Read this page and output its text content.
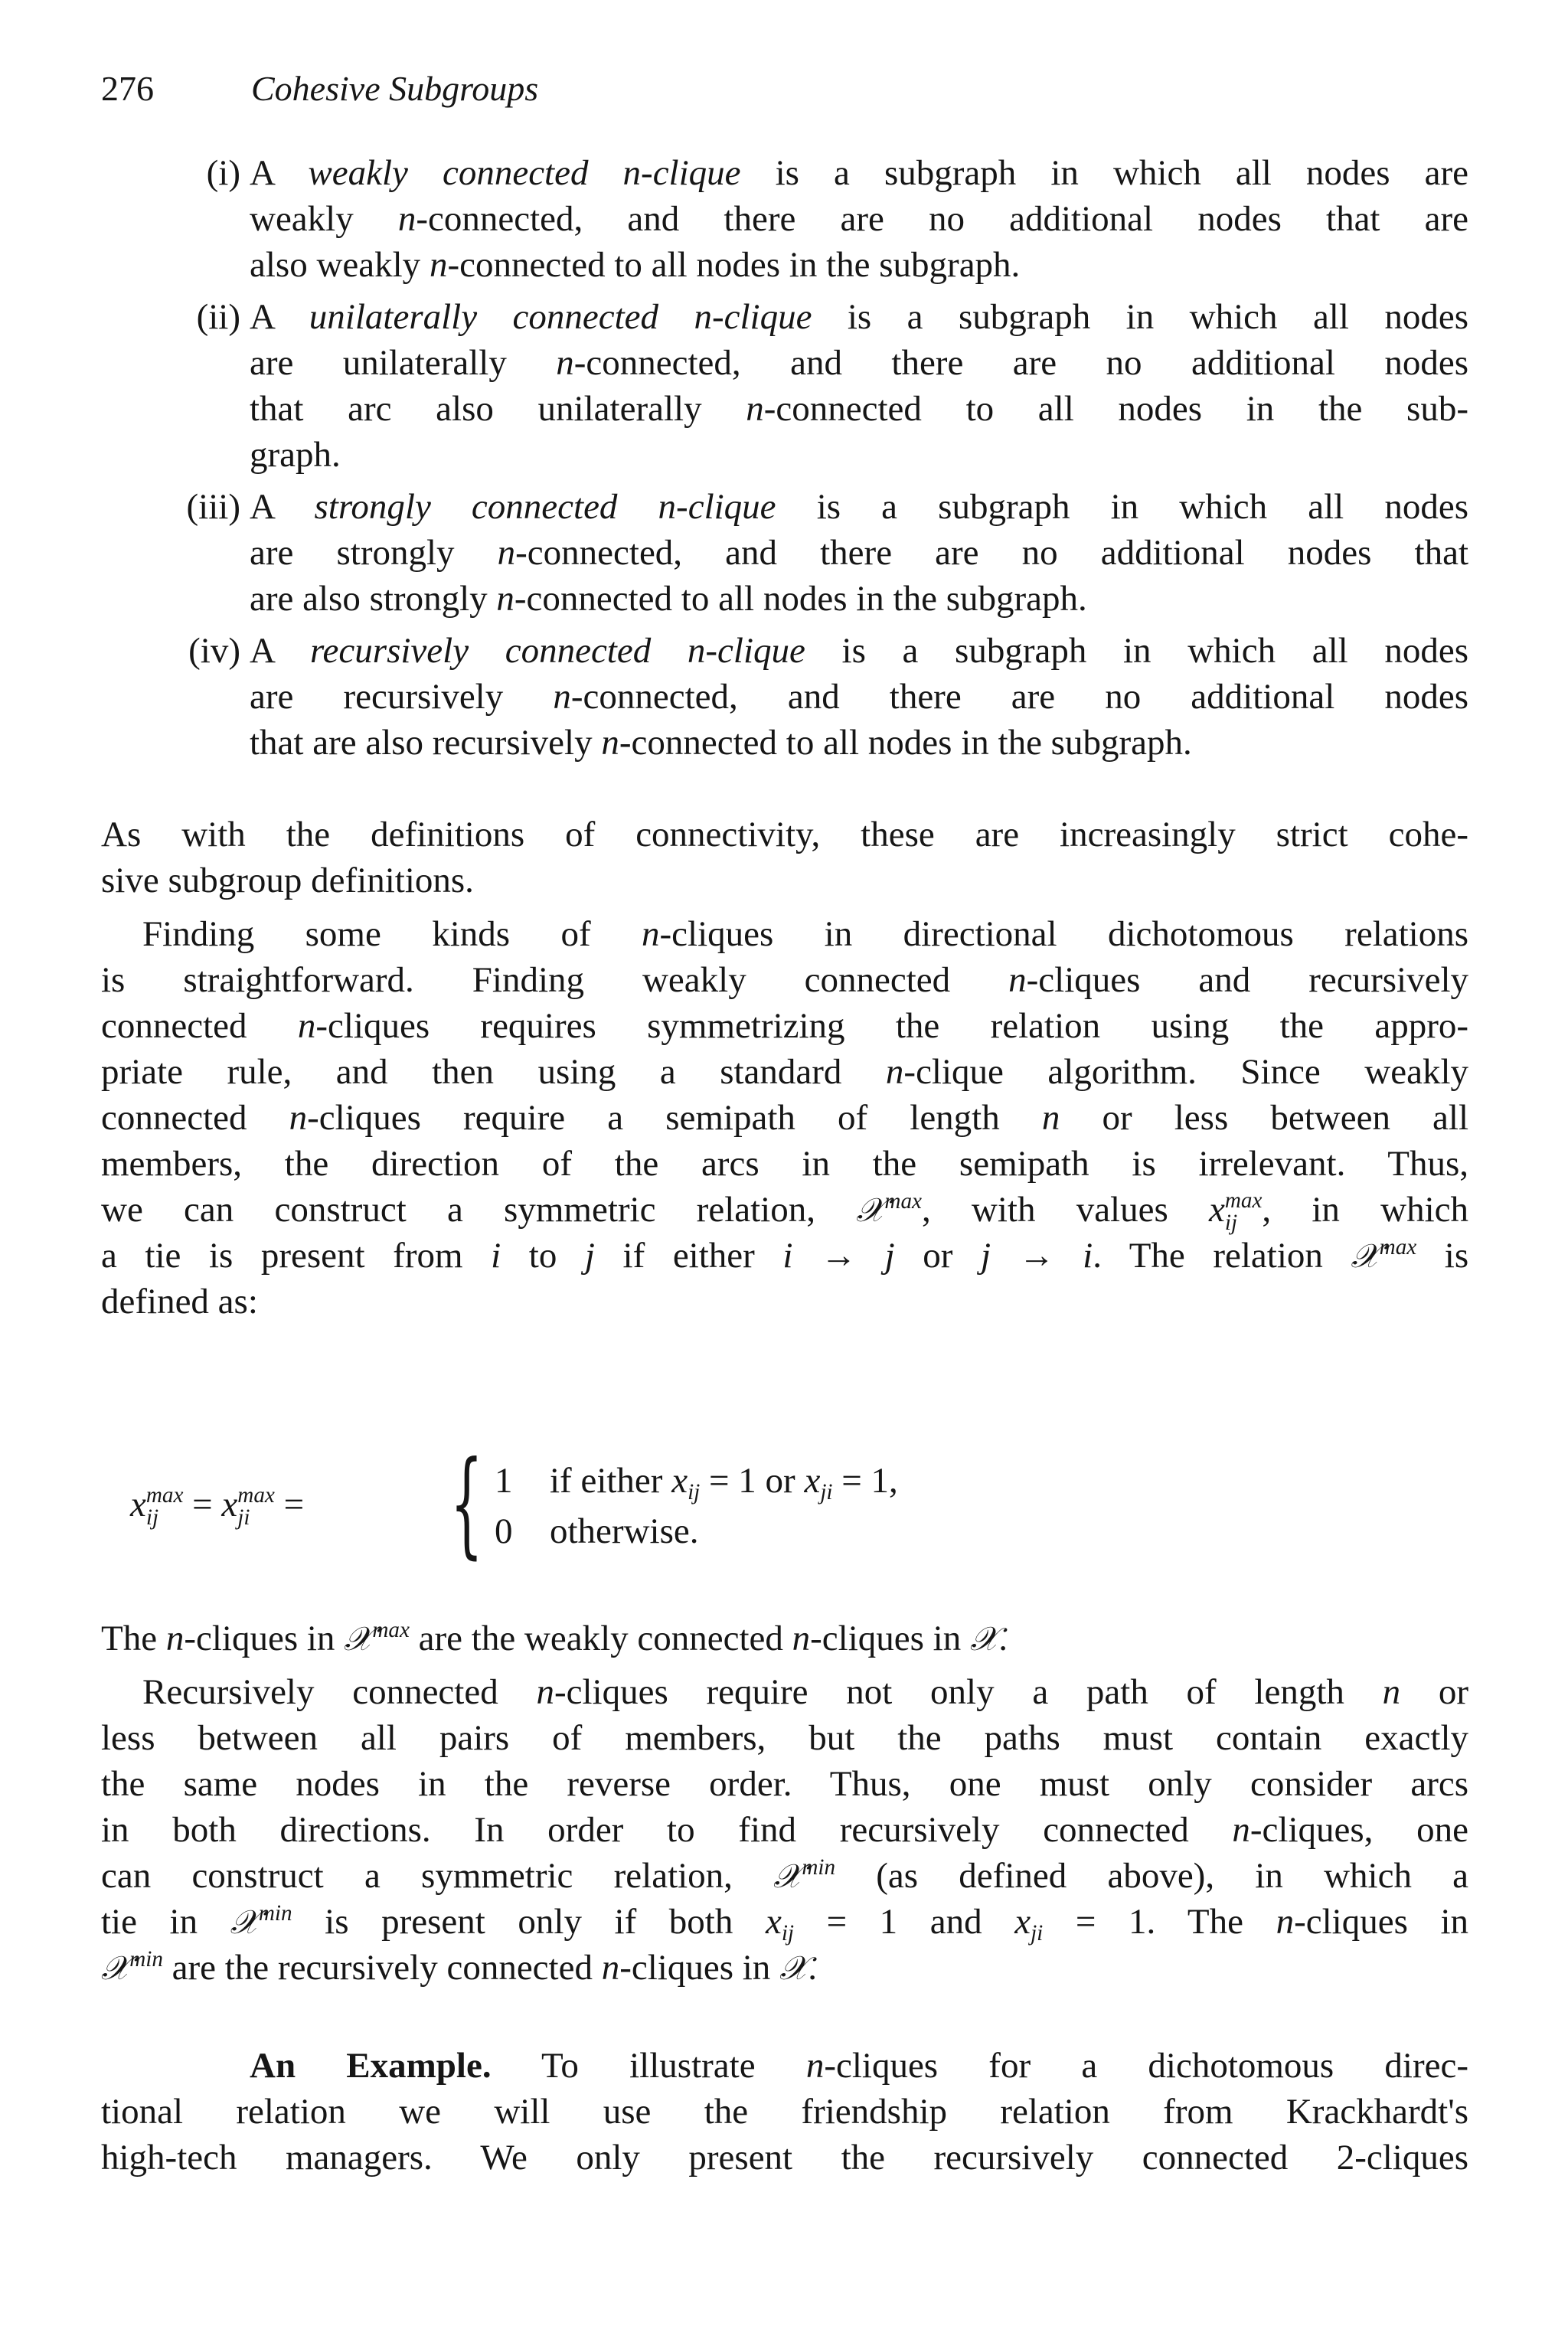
276	Cohesive Subgroups
(i) A weakly connected n-clique is a subgraph in which all nodes are
weakly n-connected, and there are no additional nodes that are
also weakly n-connected to all nodes in the subgraph.
(ii) A unilaterally connected n-clique is a subgraph in which all nodes
are unilaterally n-connected, and there are no additional nodes
that arc also unilaterally n-connected to all nodes in the sub-
graph.
(iii) A strongly connected n-clique is a subgraph in which all nodes
are strongly n-connected, and there are no additional nodes that
are also strongly n-connected to all nodes in the subgraph.
(iv) A recursively connected n-clique is a subgraph in which all nodes
are recursively n-connected, and there are no additional nodes
that are also recursively n-connected to all nodes in the subgraph.
As with the definitions of connectivity, these are increasingly strict cohe-
sive subgroup definitions.
Finding some kinds of n-cliques in directional dichotomous relations
is straightforward. Finding weakly connected n-cliques and recursively
connected n-cliques requires symmetrizing the relation using the appro-
priate rule, and then using a standard n-clique algorithm. Since weakly
connected n-cliques require a semipath of length n or less between all
members, the direction of the arcs in the semipath is irrelevant. Thus,
we can construct a symmetric relation, 𝒳$^{max}$, with values x max
ij , in which
a tie is present from i to j if either i → j or j → i. The relation 𝒳$^{max}$ is
defined as:
x max
ij = x max
ji = { 1 if either $x_{ij} = 1$ or $x_{ji} = 1$,
0 otherwise.
The n-cliques in 𝒳$^{max}$ are the weakly connected n-cliques in 𝒳.
Recursively connected n-cliques require not only a path of length n or
less between all pairs of members, but the paths must contain exactly
the same nodes in the reverse order. Thus, one must only consider arcs
in both directions. In order to find recursively connected n-cliques, one
can construct a symmetric relation, 𝒳$^{min}$ (as defined above), in which a
tie in 𝒳$^{min}$ is present only if both $x_{ij} = 1$ and $x_{ji} = 1$. The n-cliques in
𝒳$^{min}$ are the recursively connected n-cliques in 𝒳.
An Example. To illustrate n-cliques for a dichotomous direc-
tional relation we will use the friendship relation from Krackhardt's
high-tech managers. We only present the recursively connected 2-cliques
